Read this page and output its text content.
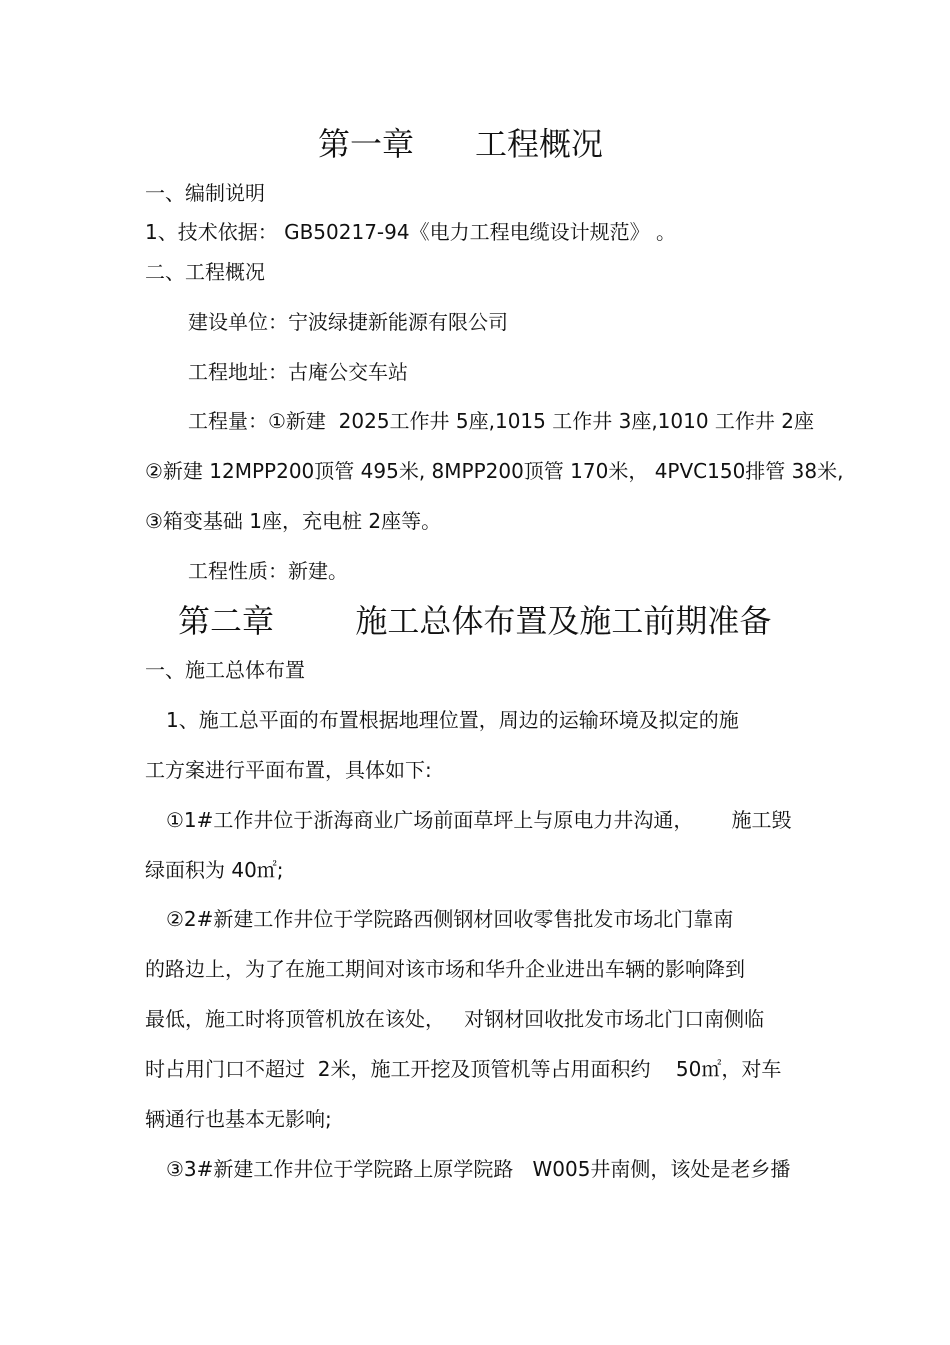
第一章      工程概况
一、编制说明
1、技术依据： GB50217-94《电力工程电缆设计规范》 。
二、工程概况
建设单位：宁波绿捷新能源有限公司
工程地址：古庵公交车站
工程量：①新建  2025工作井 5座,1015 工作井 3座,1010 工作井 2座
②新建 12MPP200顶管 495米, 8MPP200顶管 170米， 4PVC150排管 38米,
③箱变基础 1座，充电桩 2座等。
工程性质：新建。
第二章        施工总体布置及施工前期准备
一、施工总体布置
1、施工总平面的布置根据地理位置，周边的运输环境及拟定的施
工方案进行平面布置，具体如下:
①1#工作井位于浙海商业广场前面草坪上与原电力井沟通，      施工毁
绿面积为 40㎡;
②2#新建工作井位于学院路西侧钢材回收零售批发市场北门靠南
的路边上，为了在施工期间对该市场和华升企业进出车辆的影响降到
最低，施工时将顶管机放在该处，   对钢材回收批发市场北门口南侧临
时占用门口不超过  2米，施工开挖及顶管机等占用面积约    50㎡，对车
辆通行也基本无影响;
③3#新建工作井位于学院路上原学院路   W005井南侧，该处是老乡播
